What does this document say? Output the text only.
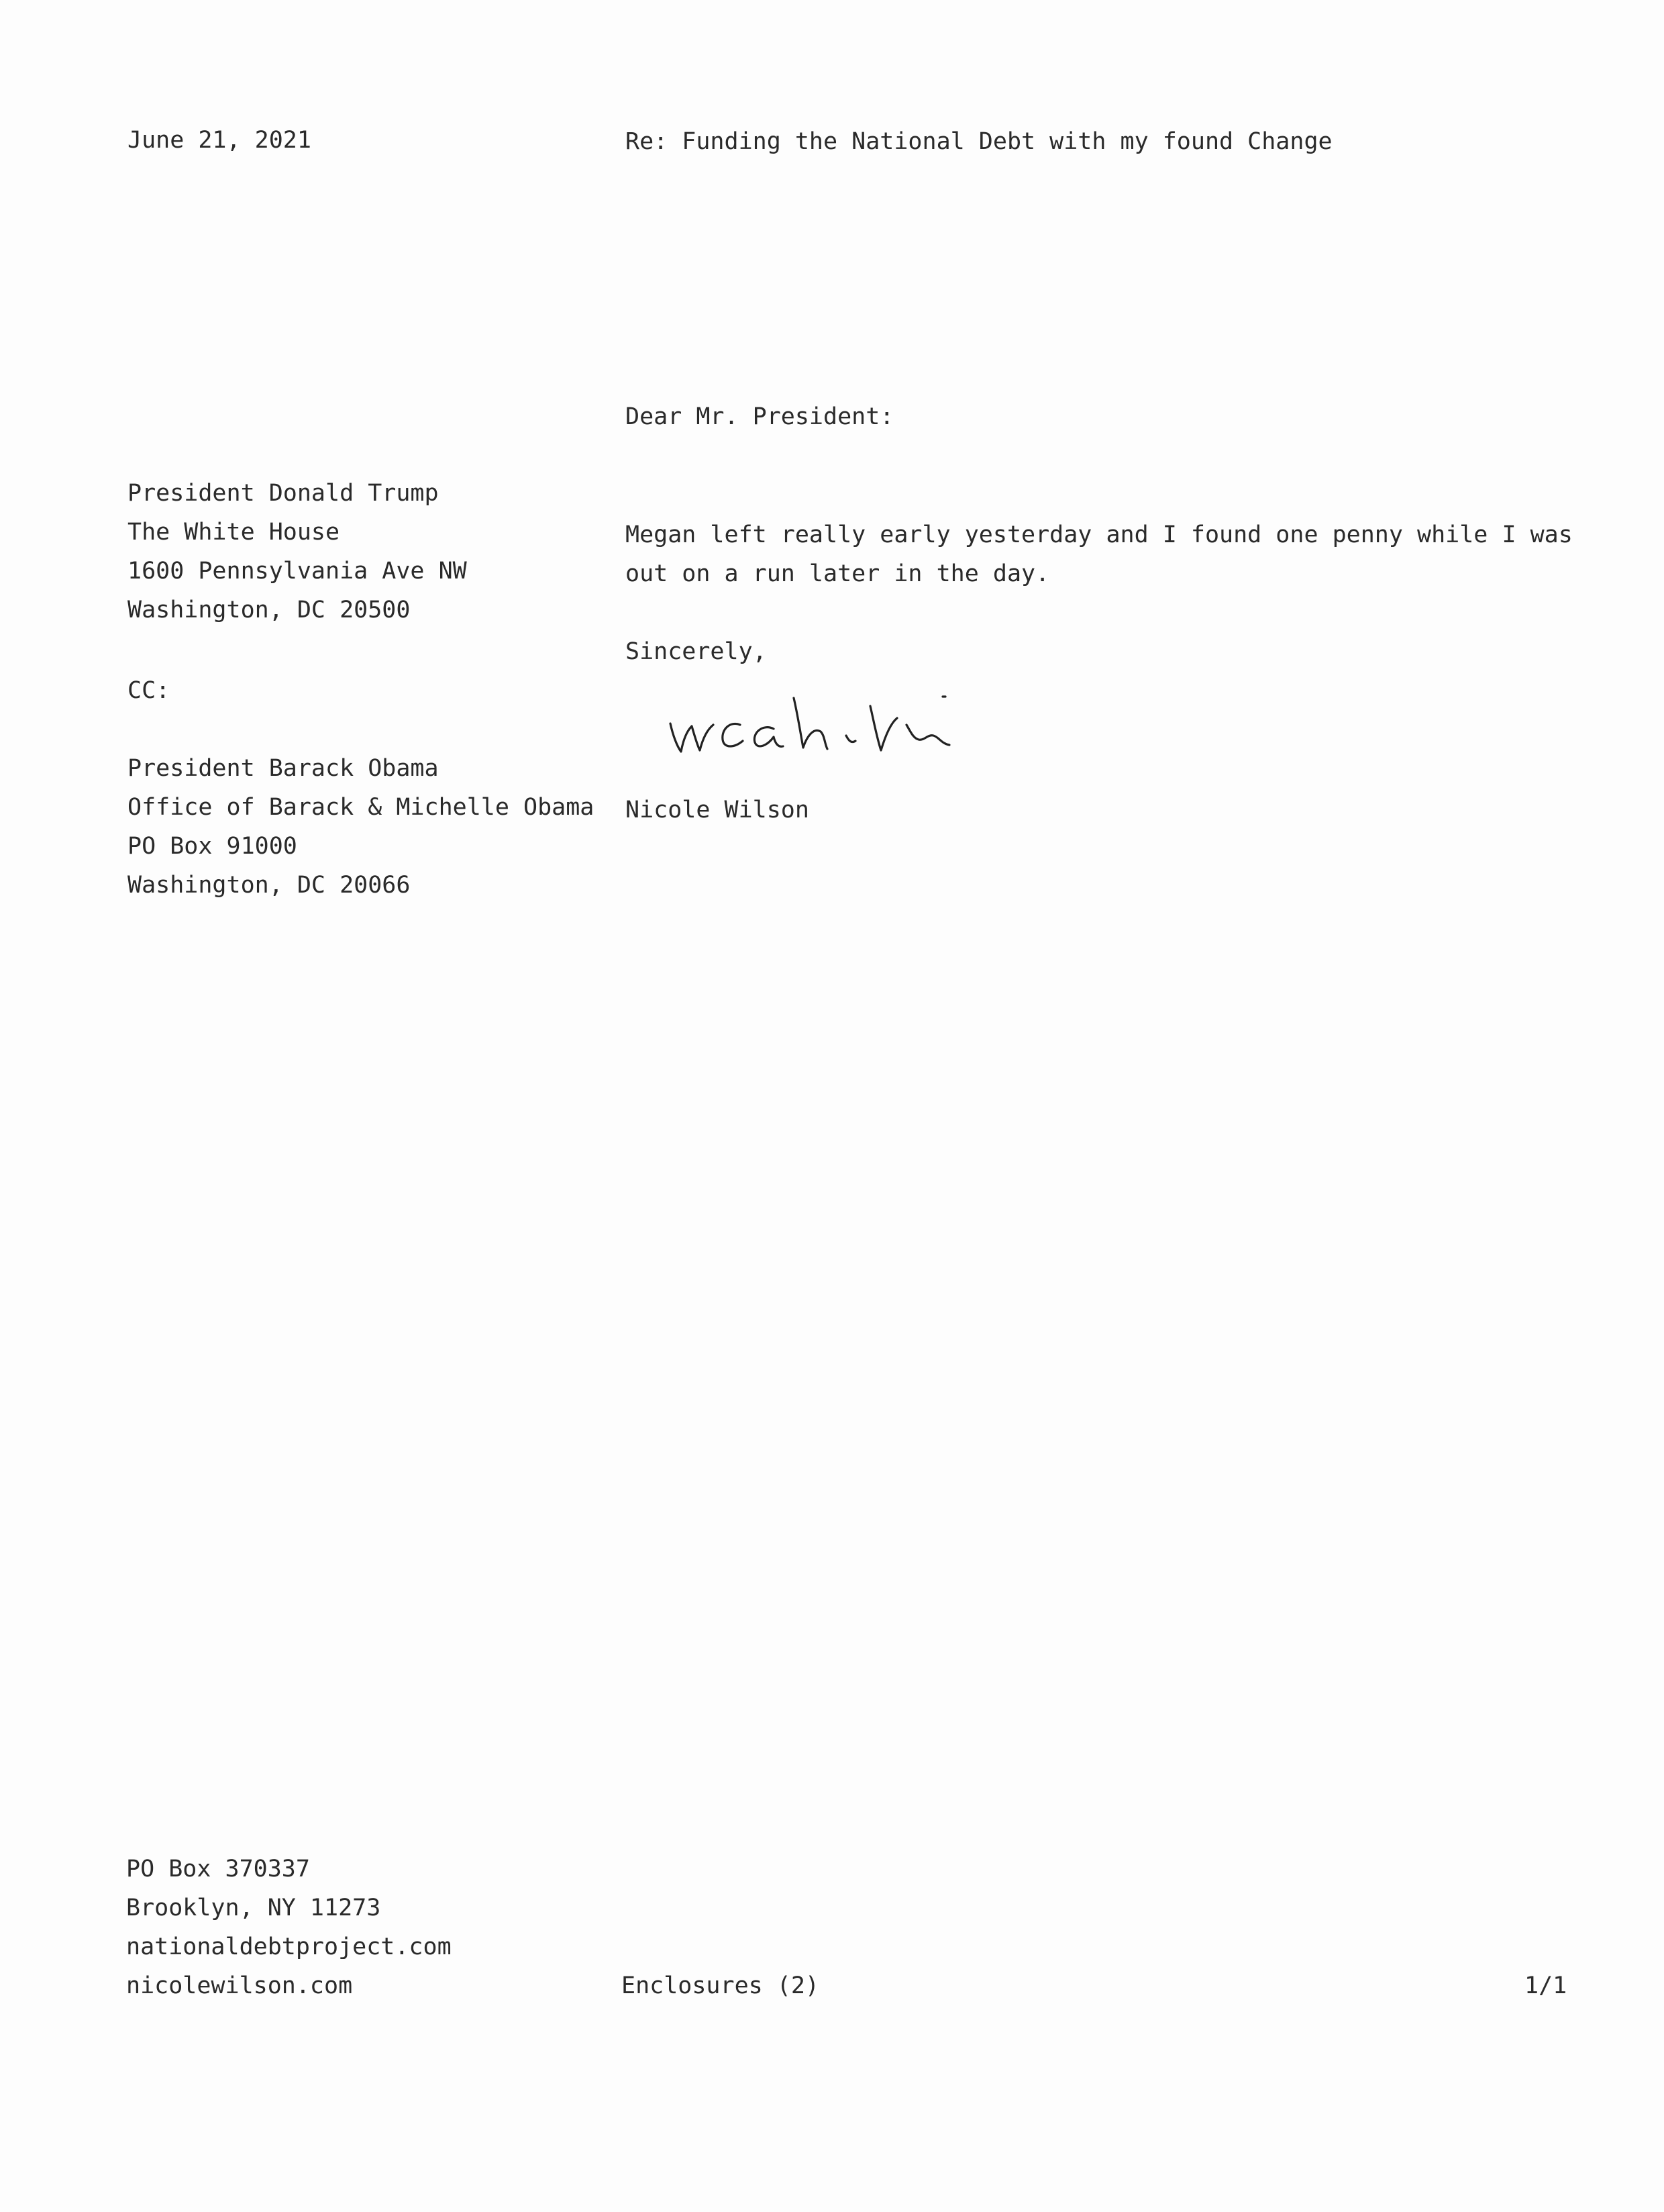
June 21, 2021	Re: Funding the National Debt with my found Change

Dear Mr. President:

President Donald Trump

The White House

1600 Pennsylvania Ave NW

Washington, DC 20500

Megan left really early yesterday and I found one penny while I was

out on a run later in the day.

Sincerely,

CC:

President Barack Obama

Office of Barack & Michelle Obama

PO Box 91000

Washington, DC 20066

Nicole Wilson

PO Box 370337

Brooklyn, NY 11273

nationaldebtproject.com

nicolewilson.com	Enclosures (2)	1/1
